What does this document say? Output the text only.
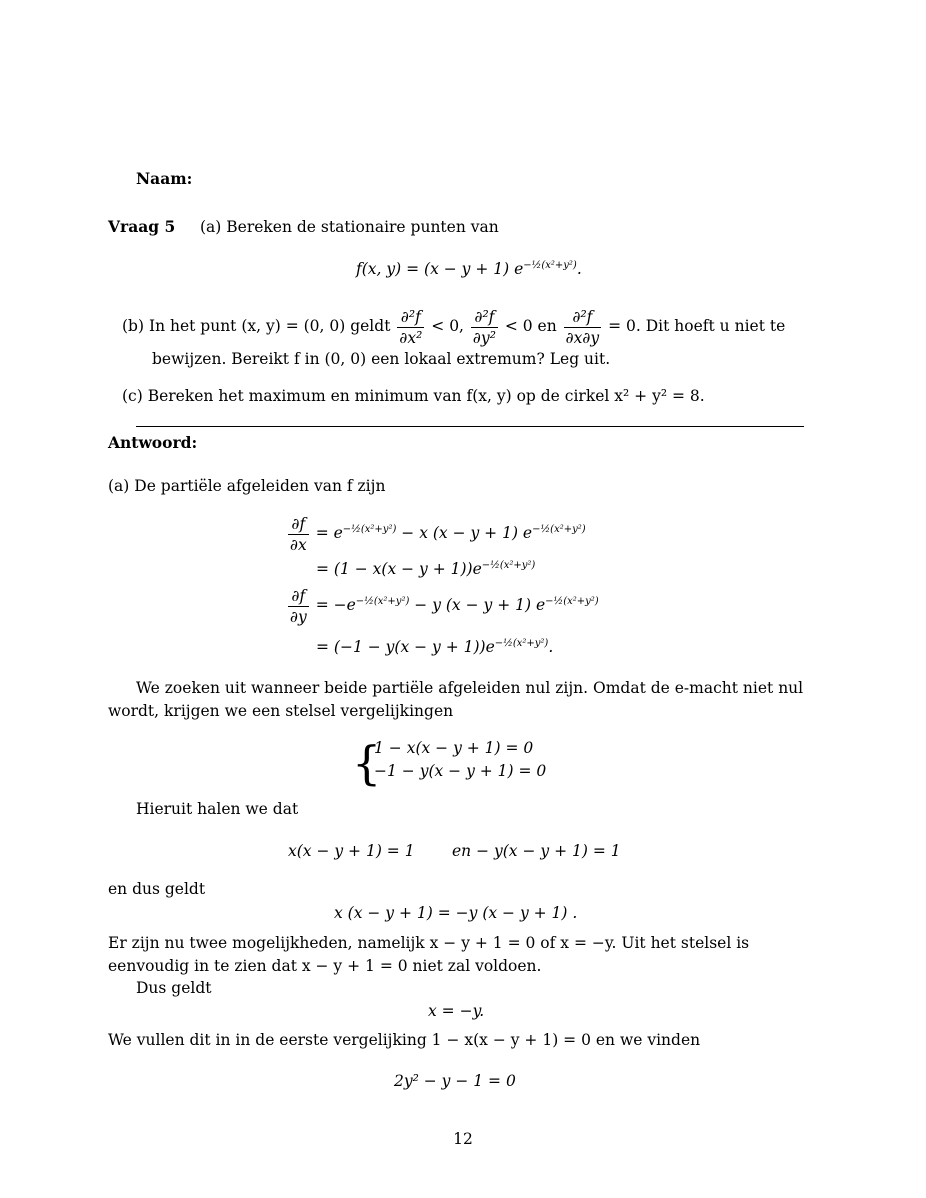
Naam:
Vraag 5 (a) Bereken de stationaire punten van
f(x, y) = (x − y + 1) $e^{-\frac{1}{2}(x^2+y^2)}$.
(b) In het punt (x, y) = (0, 0) geldt $\frac{\text{∂²f}}{\text{∂x²}} < 0$, $\frac{\text{∂²f}}{\text{∂y²}} < 0$ en $\frac{\text{∂²f}}{\partial x\partial y} = 0$. Dit hoeft u niet te
bewijzen. Bereikt f in (0, 0) een lokaal extremum? Leg uit.
(c) Bereken het maximum en minimum van f(x, y) op de cirkel x² + y² = 8.
Antwoord:
(a) De partiële afgeleiden van f zijn
$\frac{\partial f}{\partial x} = e^{-\frac{1}{2}(x^2+y^2)} - x$ (x − y + 1) $e^{-\frac{1}{2}(x^2+y^2)}$
= $(1 - x(x - y + 1))e^{-\frac{1}{2}(x^2+y^2)}$
$\frac{\partial f}{\partial y} = -e^{-\frac{1}{2}(x^2+y^2)} - y$ (x − y + 1) $e^{-\frac{1}{2}(x^2+y^2)}$
= $(-1 - y(x - y + 1))e^{-\frac{1}{2}(x^2+y^2)}$.
We zoeken uit wanneer beide partiële afgeleiden nul zijn. Omdat de e-macht niet nul
wordt, krijgen we een stelsel vergelijkingen
{
1 − x(x − y + 1) = 0
−1 − y(x − y + 1) = 0
Hieruit halen we dat
x(x − y + 1) = 1 en − y(x − y + 1) = 1
en dus geldt
x (x − y + 1) = −y (x − y + 1) .
Er zijn nu twee mogelijkheden, namelijk x − y + 1 = 0 of x = −y. Uit het stelsel is
eenvoudig in te zien dat x − y + 1 = 0 niet zal voldoen.
Dus geldt
x = −y.
We vullen dit in in de eerste vergelijking 1 − x(x − y + 1) = 0 en we vinden
2y² − y − 1 = 0
12
